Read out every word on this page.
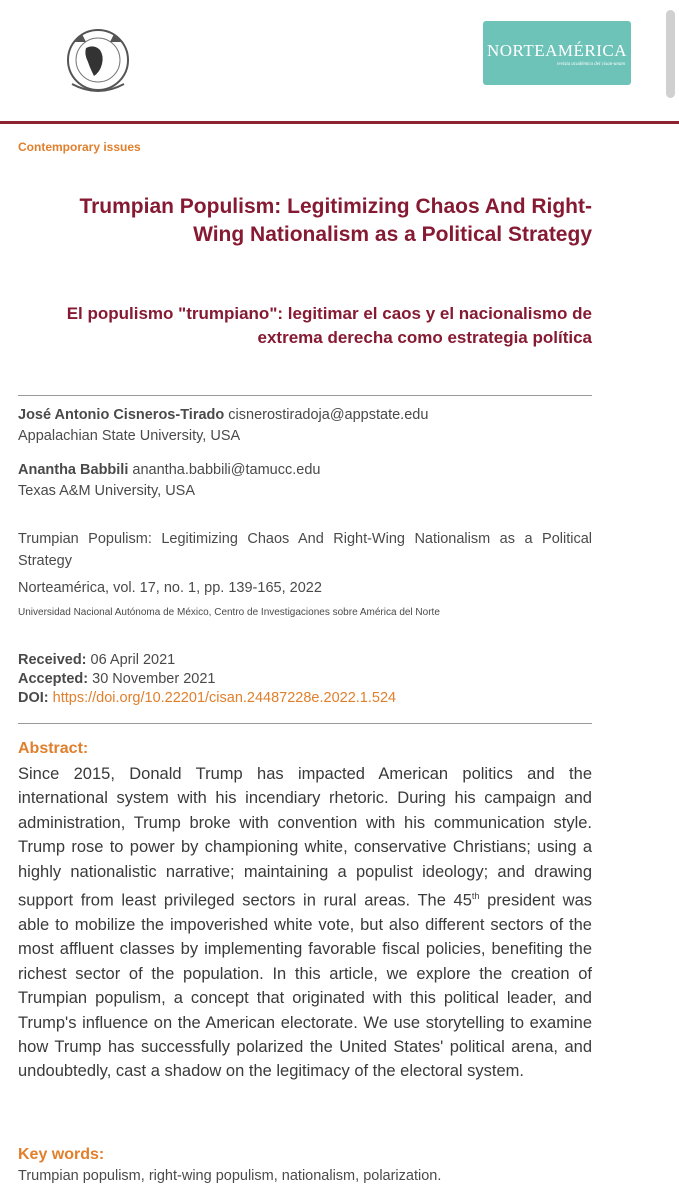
NORTEAMÉRICA
revista académica del cisan-unam
Contemporary issues
Trumpian Populism: Legitimizing Chaos And Right-Wing Nationalism as a Political Strategy
El populismo "trumpiano": legitimar el caos y el nacionalismo de extrema derecha como estrategia política
José Antonio Cisneros-Tirado cisnerostiradoja@appstate.edu
Appalachian State University, USA
Anantha Babbili anantha.babbili@tamucc.edu
Texas A&M University, USA
Trumpian Populism: Legitimizing Chaos And Right-Wing Nationalism as a Political Strategy
Norteamérica, vol. 17, no. 1, pp. 139-165, 2022
Universidad Nacional Autónoma de México, Centro de Investigaciones sobre América del Norte
Received: 06 April 2021
Accepted: 30 November 2021
DOI: https://doi.org/10.22201/cisan.24487228e.2022.1.524
Abstract:
Since 2015, Donald Trump has impacted American politics and the international system with his incendiary rhetoric. During his campaign and administration, Trump broke with convention with his communication style. Trump rose to power by championing white, conservative Christians; using a highly nationalistic narrative; maintaining a populist ideology; and drawing support from least privileged sectors in rural areas. The 45th president was able to mobilize the impoverished white vote, but also different sectors of the most affluent classes by implementing favorable fiscal policies, benefiting the richest sector of the population. In this article, we explore the creation of Trumpian populism, a concept that originated with this political leader, and Trump's influence on the American electorate. We use storytelling to examine how Trump has successfully polarized the United States' political arena, and undoubtedly, cast a shadow on the legitimacy of the electoral system.
Key words:
Trumpian populism, right-wing populism, nationalism, polarization.
